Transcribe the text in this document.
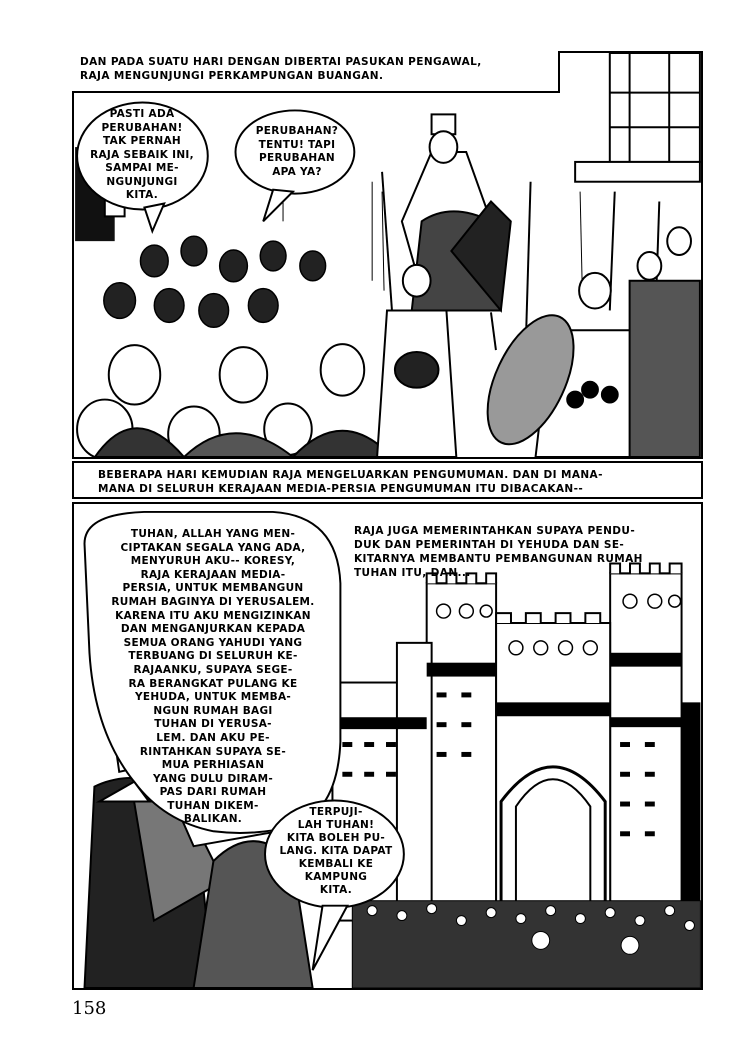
PASTI ADA
PERUBAHAN!
TAK PERNAH
RAJA SEBAIK INI,
SAMPAI ME-
NGUNJUNGI
KITA.
PERUBAHAN?
TENTU! TAPI
PERUBAHAN
APA YA?
DAN PADA SUATU HARI DENGAN DIBERTAI PASUKAN PENGAWAL,
RAJA MENGUNJUNGI PERKAMPUNGAN BUANGAN.
BEBERAPA HARI KEMUDIAN RAJA MENGELUARKAN PENGUMUMAN. DAN DI MANA-
MANA DI SELURUH KERAJAAN MEDIA-PERSIA PENGUMUMAN ITU DIBACAKAN--
TUHAN, ALLAH YANG MEN-
CIPTAKAN SEGALA YANG ADA,
MENYURUH AKU-- KORESY,
RAJA KERAJAAN MEDIA-
PERSIA, UNTUK MEMBANGUN
RUMAH BAGINYA DI YERUSALEM.
KARENA ITU AKU MENGIZINKAN
DAN MENGANJURKAN KEPADA
SEMUA ORANG YAHUDI YANG
TERBUANG DI SELURUH KE-
RAJAANKU, SUPAYA SEGE-
RA BERANGKAT PULANG KE
YEHUDA, UNTUK MEMBA-
NGUN RUMAH BAGI
TUHAN DI YERUSA-
LEM. DAN AKU PE-
RINTAHKAN SUPAYA SE-
MUA PERHIASAN
YANG DULU DIRAM-
PAS DARI RUMAH
TUHAN DIKEM-
BALIKAN.
RAJA JUGA MEMERINTAHKAN SUPAYA PENDU-
DUK DAN PEMERINTAH DI YEHUDA DAN SE-
KITARNYA MEMBANTU PEMBANGUNAN RUMAH
TUHAN ITU, DAN...
TERPUJI-
LAH TUHAN!
KITA BOLEH PU-
LANG. KITA DAPAT
KEMBALI KE
KAMPUNG
KITA.
158
